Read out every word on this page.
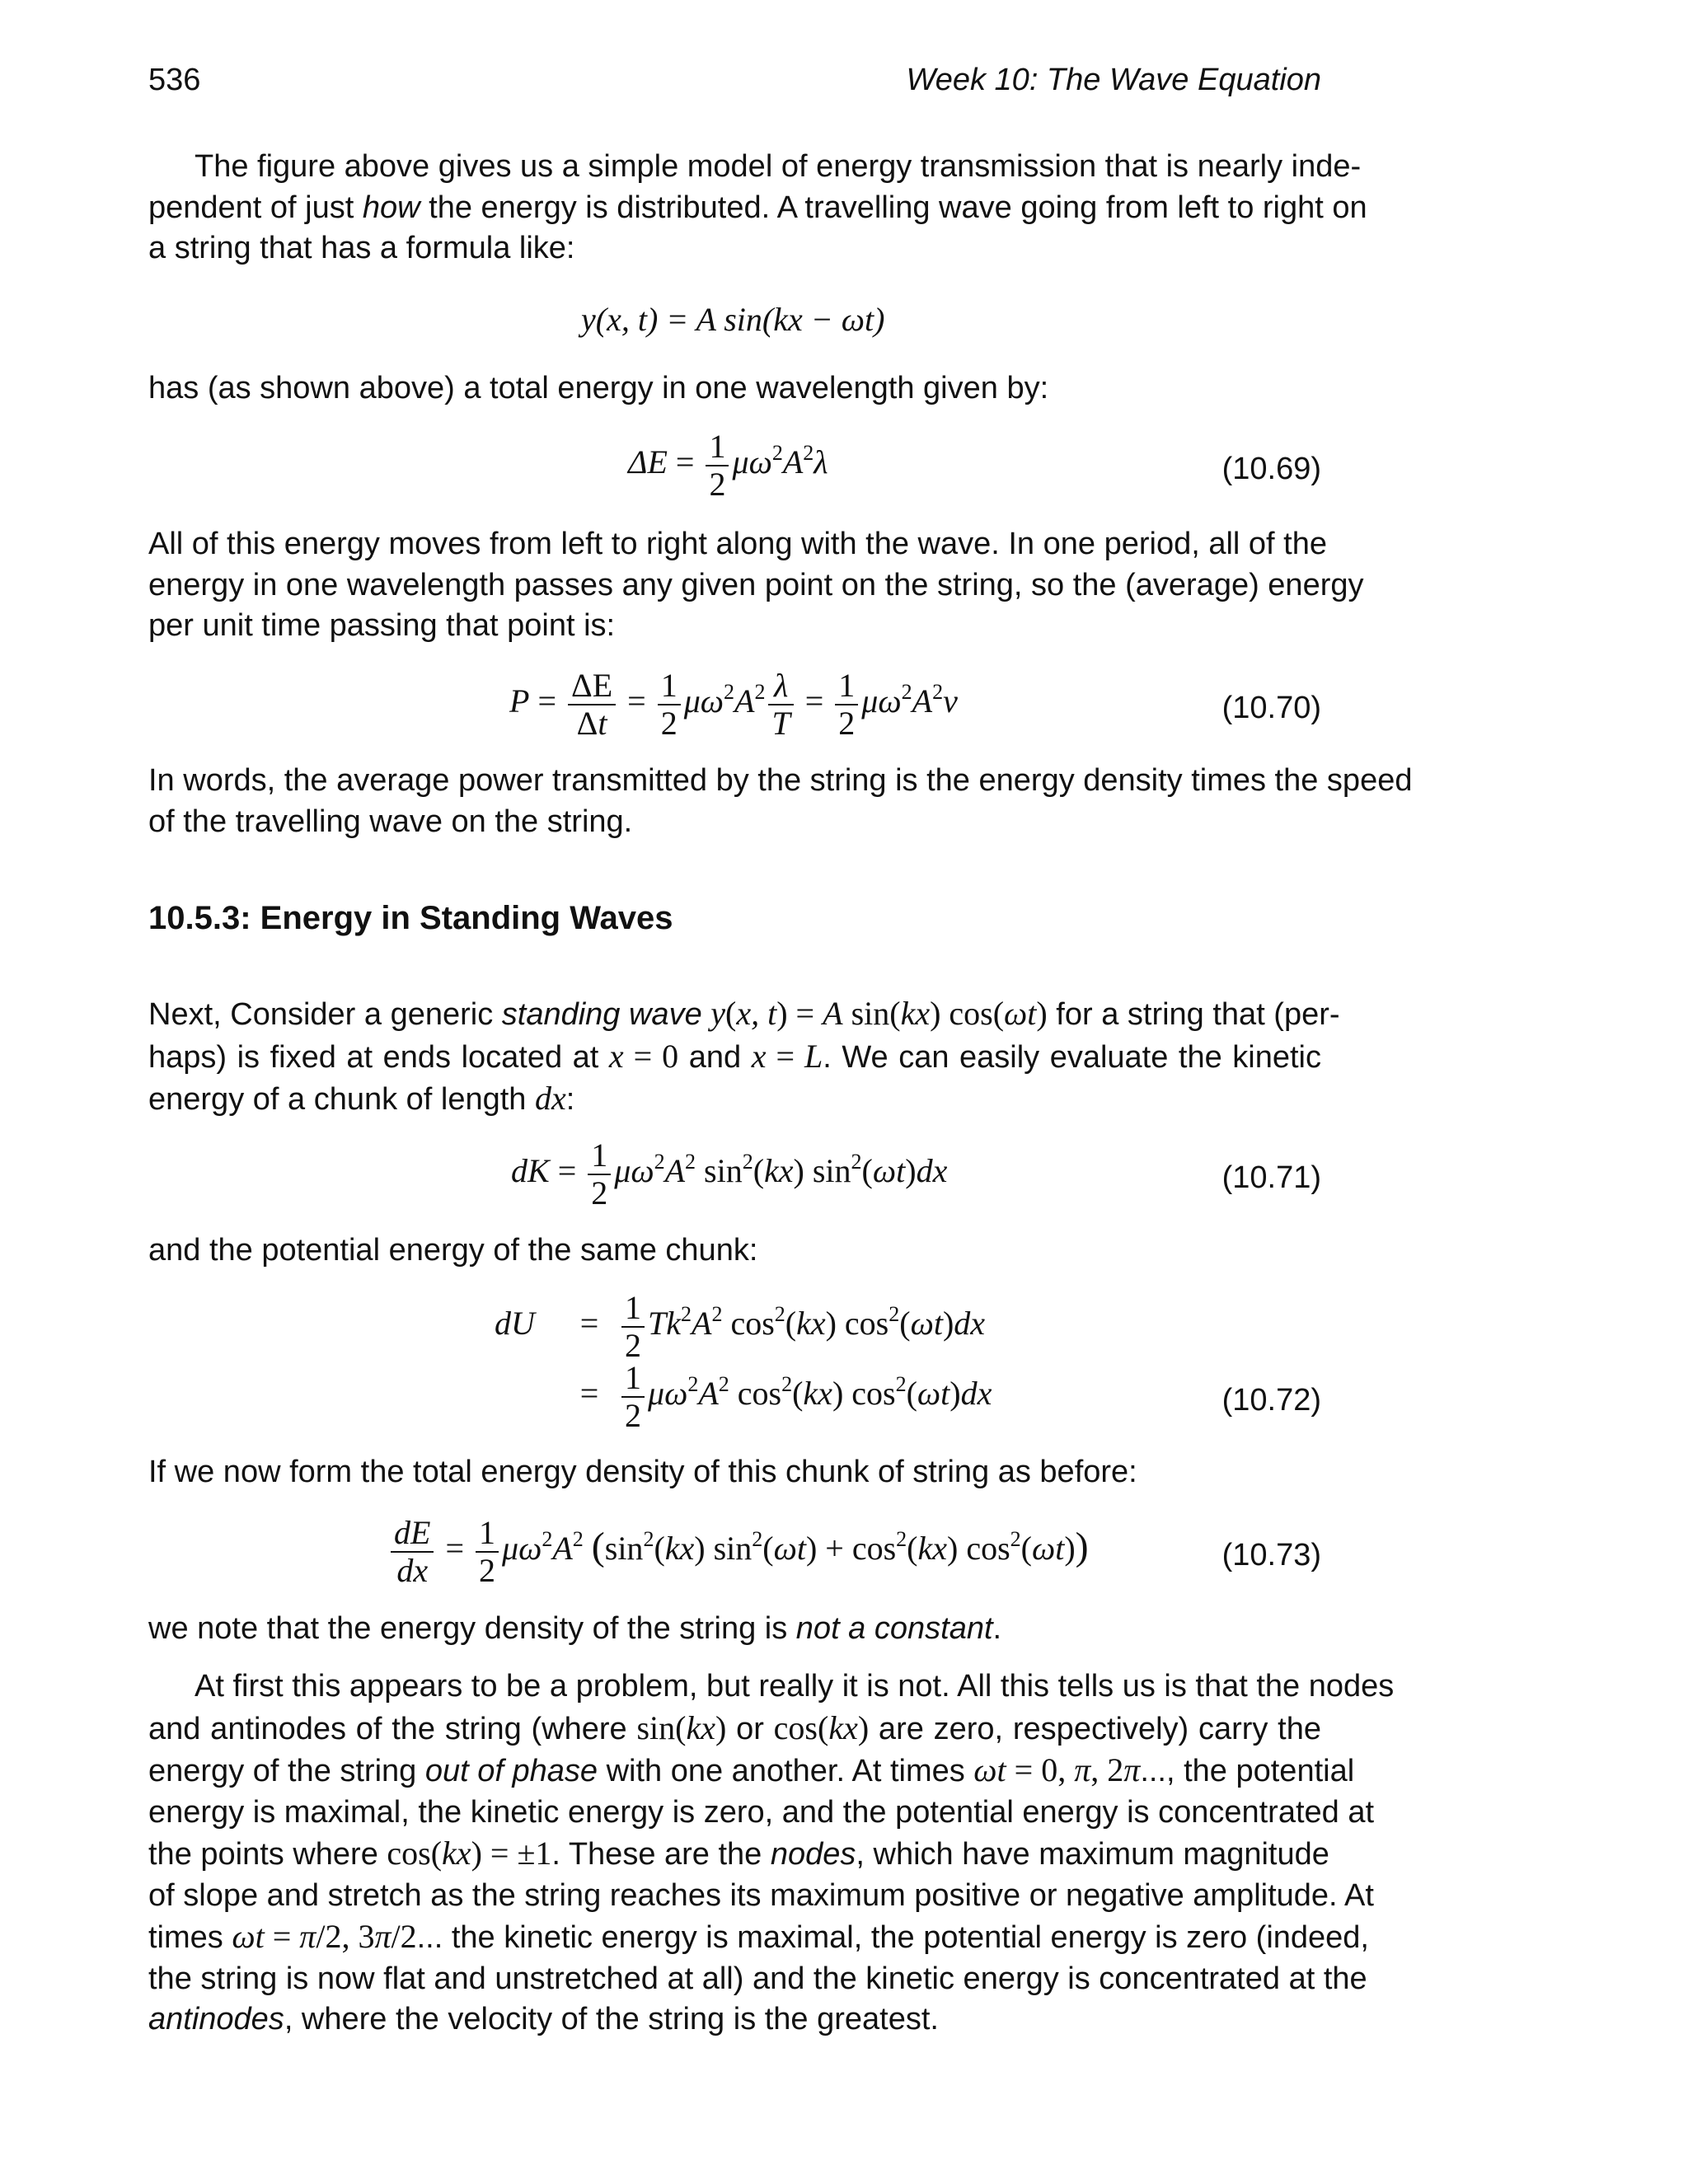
536	Week 10: The Wave Equation
The figure above gives us a simple model of energy transmission that is nearly inde-
pendent of just how the energy is distributed. A travelling wave going from left to right on
a string that has a formula like:
y(x, t) = A sin(kx − ωt)
has (as shown above) a total energy in one wavelength given by:
$\Delta E = \frac{1}{2} \mu\omega^2A^2\lambda$	(10.69)
All of this energy moves from left to right along with the wave. In one period, all of the
energy in one wavelength passes any given point on the string, so the (average) energy
per unit time passing that point is:
$P = \frac{\Delta E}{\Delta t} = \frac{1}{2} \mu\omega^2A^2 \frac{\lambda}{T} = \frac{1}{2} \mu\omega^2A^2v$	(10.70)
In words, the average power transmitted by the string is the energy density times the speed
of the travelling wave on the string.
10.5.3: Energy in Standing Waves
Next, Consider a generic standing wave y(x, t) = A sin(kx) cos(ωt) for a string that (per-
haps) is fixed at ends located at x = 0 and x = L. We can easily evaluate the kinetic
energy of a chunk of length dx:
dK = $\frac{1}{2} \mu\omega^2A^2$ $\sin^2(kx)$ $\sin^2(\omega t)dx$	(10.71)
and the potential energy of the same chunk:
dU = $\frac{1}{2} Tk^2A^2$ $\cos^2(kx)$ $\cos^2(\omega t)dx$
= $\frac{1}{2} \mu\omega^2A^2$ $\cos^2(kx)$ $\cos^2(\omega t)dx$	(10.72)
If we now form the total energy density of this chunk of string as before:
$\frac{dE}{dx} = \frac{1}{2} \mu\omega^2A^2$ ($\sin^2(kx) \sin^2(\omega t) + \cos^2(kx)$ $\cos^2(\omega t)$)	(10.73)
we note that the energy density of the string is not a constant.
At first this appears to be a problem, but really it is not. All this tells us is that the nodes
and antinodes of the string (where sin(kx) or cos(kx) are zero, respectively) carry the
energy of the string out of phase with one another. At times ωt = 0, π, 2π..., the potential
energy is maximal, the kinetic energy is zero, and the potential energy is concentrated at
the points where cos(kx) = ±1. These are the nodes, which have maximum magnitude
of slope and stretch as the string reaches its maximum positive or negative amplitude. At
times ωt = π/2, 3π/2... the kinetic energy is maximal, the potential energy is zero (indeed,
the string is now flat and unstretched at all) and the kinetic energy is concentrated at the
antinodes, where the velocity of the string is the greatest.
